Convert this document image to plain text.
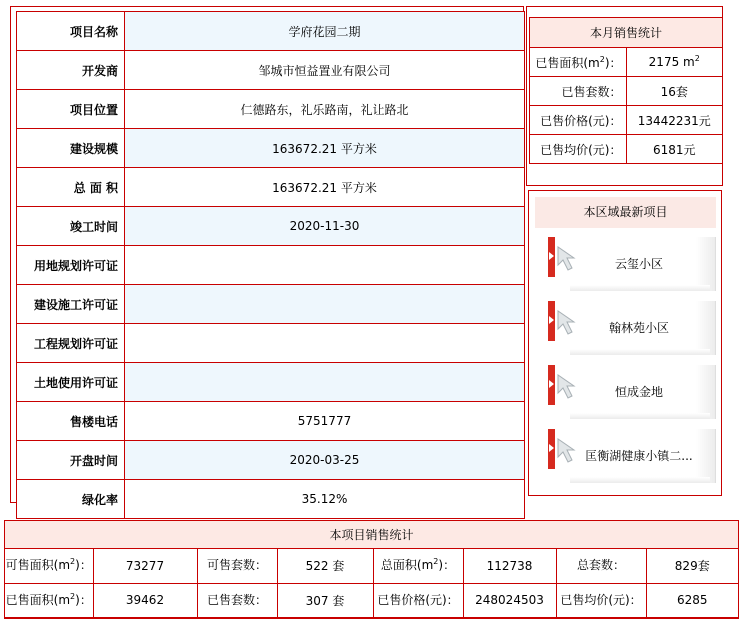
项目名称	学府花园二期
开发商	邹城市恒益置业有限公司
项目位置	仁德路东，礼乐路南，礼让路北
建设规模	163672.21 平方米
总 面 积	163672.21 平方米
竣工时间	2020-11-30
用地规划许可证	
建设施工许可证	
工程规划许可证	
土地使用许可证	
售楼电话	5751777
开盘时间	2020-03-25
绿化率	35.12%
本月销售统计	
已售面积$(m^2)$：	2175 $m^2$
已售套数：	16套
已售价格(元)：	13442231元
已售均价(元)：	6181元
本区域最新项目
云玺小区
翰林苑小区
恒成金地
匡衡湖健康小镇二...
本项目销售统计
可售面积$(m^2)$：	73277	可售套数：	522 套	总面积$(m^2)$：	112738	总套数：	829套
已售面积$(m^2)$：	39462	已售套数：	307 套	已售价格(元)：	248024503	已售均价(元)：	6285
